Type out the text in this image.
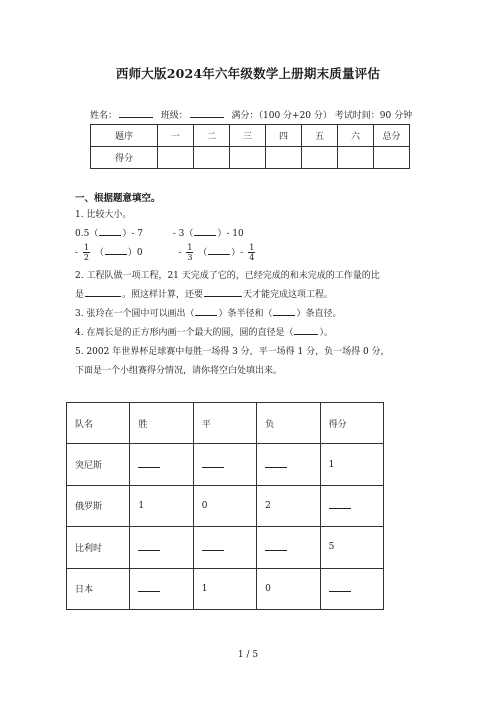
西师大版2024年六年级数学上册期末质量评估
姓名：	班级：	满分：（100 分+20 分） 考试时间：90 分钟
题序	一	二	三	四	五	六	总分
得分							
一、根据题意填空。
1. 比较大小。
0.5（	）- 7	- 3（	）- 10
- $\frac{1}{2}$ （	）0	- $\frac{1}{3}$ （	）- $\frac{1}{4}$
2. 工程队做一项工程，21 天完成了它的，已经完成的和未完成的工作量的比
是	。照这样计算，还要	天才能完成这项工程。
3. 张玲在一个圆中可以画出（	）条半径和（	）条直径。
4. 在周长是的正方形内画一个最大的圆，圆的直径是（	）。
5. 2002 年世界杯足球赛中每胜一场得 3 分，平一场得 1 分，负一场得 0 分，
下面是一个小组赛得分情况，请你将空白处填出来。
队名	胜	平	负	得分
突尼斯				1
俄罗斯	1	0	2	
比利时				5
日本		1	0	
1 / 5
